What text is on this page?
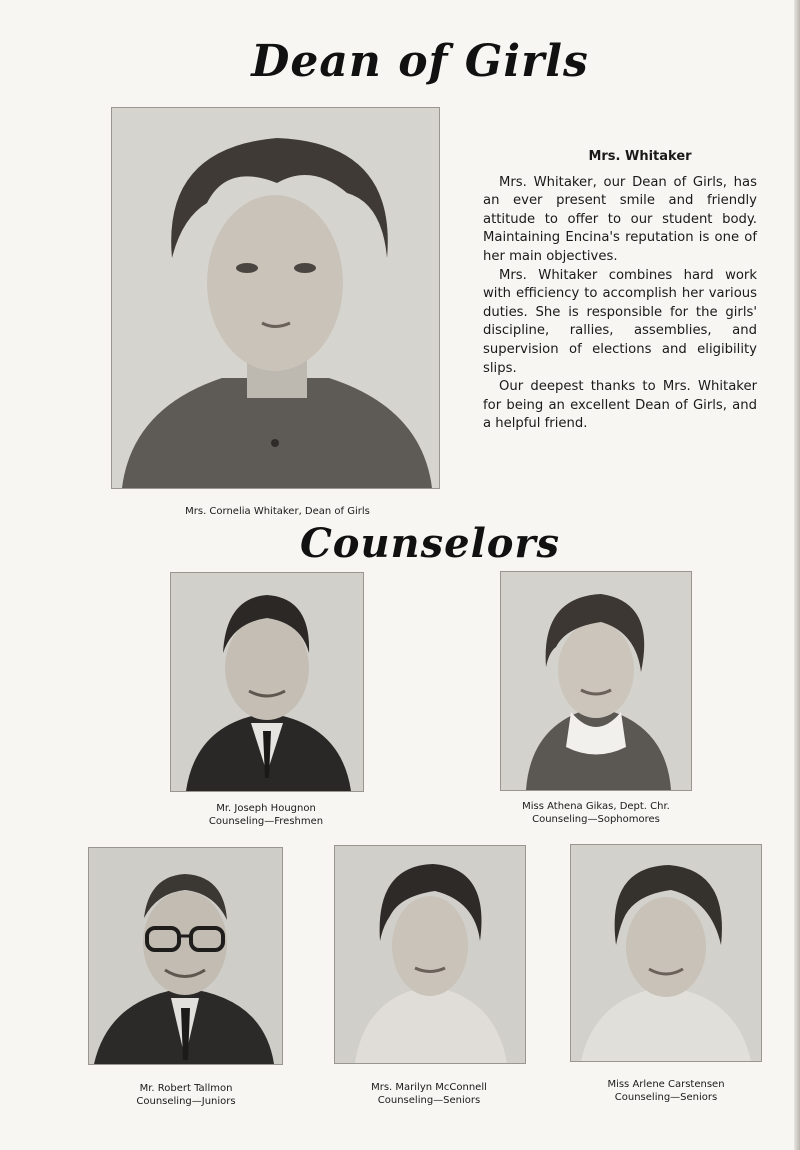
Dean of Girls
Mrs. Cornelia Whitaker, Dean of Girls
Mrs. Whitaker

Mrs. Whitaker, our Dean of Girls, has an ever present smile and friendly attitude to offer to our student body. Maintaining Encina's reputation is one of her main objectives.

Mrs. Whitaker combines hard work with efficiency to accomplish her various duties. She is responsible for the girls' discipline, rallies, assemblies, and supervision of elections and eligibility slips.

Our deepest thanks to Mrs. Whitaker for being an excellent Dean of Girls, and a helpful friend.

Counselors
Mr. Joseph Hougnon
Counseling—Freshmen
Miss Athena Gikas, Dept. Chr.
Counseling—Sophomores
Mr. Robert Tallmon
Counseling—Juniors
Mrs. Marilyn McConnell
Counseling—Seniors
Miss Arlene Carstensen
Counseling—Seniors
